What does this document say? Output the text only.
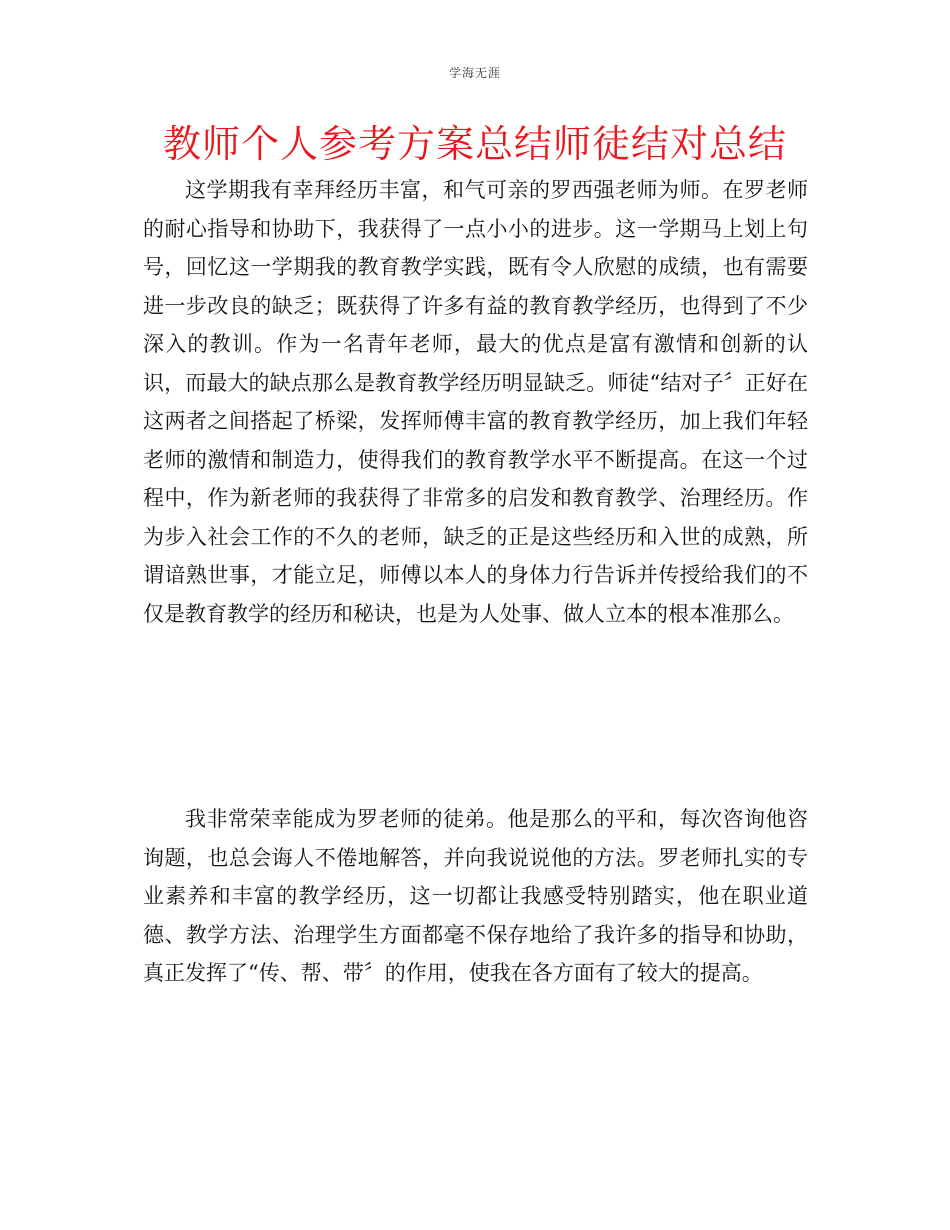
学海无涯
教师个人参考方案总结师徒结对总结

这学期我有幸拜经历丰富，和气可亲的罗西强老师为师。在罗老师的耐心指导和协助下，我获得了一点小小的进步。这一学期马上划上句号，回忆这一学期我的教育教学实践，既有令人欣慰的成绩，也有需要进一步改良的缺乏；既获得了许多有益的教育教学经历，也得到了不少深入的教训。作为一名青年老师，最大的优点是富有激情和创新的认识，而最大的缺点那么是教育教学经历明显缺乏。师徒“结对子〞正好在这两者之间搭起了桥梁，发挥师傅丰富的教育教学经历，加上我们年轻老师的激情和制造力，使得我们的教育教学水平不断提高。在这一个过程中，作为新老师的我获得了非常多的启发和教育教学、治理经历。作为步入社会工作的不久的老师，缺乏的正是这些经历和入世的成熟，所谓谙熟世事，才能立足，师傅以本人的身体力行告诉并传授给我们的不仅是教育教学的经历和秘诀，也是为人处事、做人立本的根本准那么。

我非常荣幸能成为罗老师的徒弟。他是那么的平和，每次咨询他咨询题，也总会诲人不倦地解答，并向我说说他的方法。罗老师扎实的专业素养和丰富的教学经历，这一切都让我感受特别踏实，他在职业道德、教学方法、治理学生方面都毫不保存地给了我许多的指导和协助，真正发挥了“传、帮、带〞的作用，使我在各方面有了较大的提高。
